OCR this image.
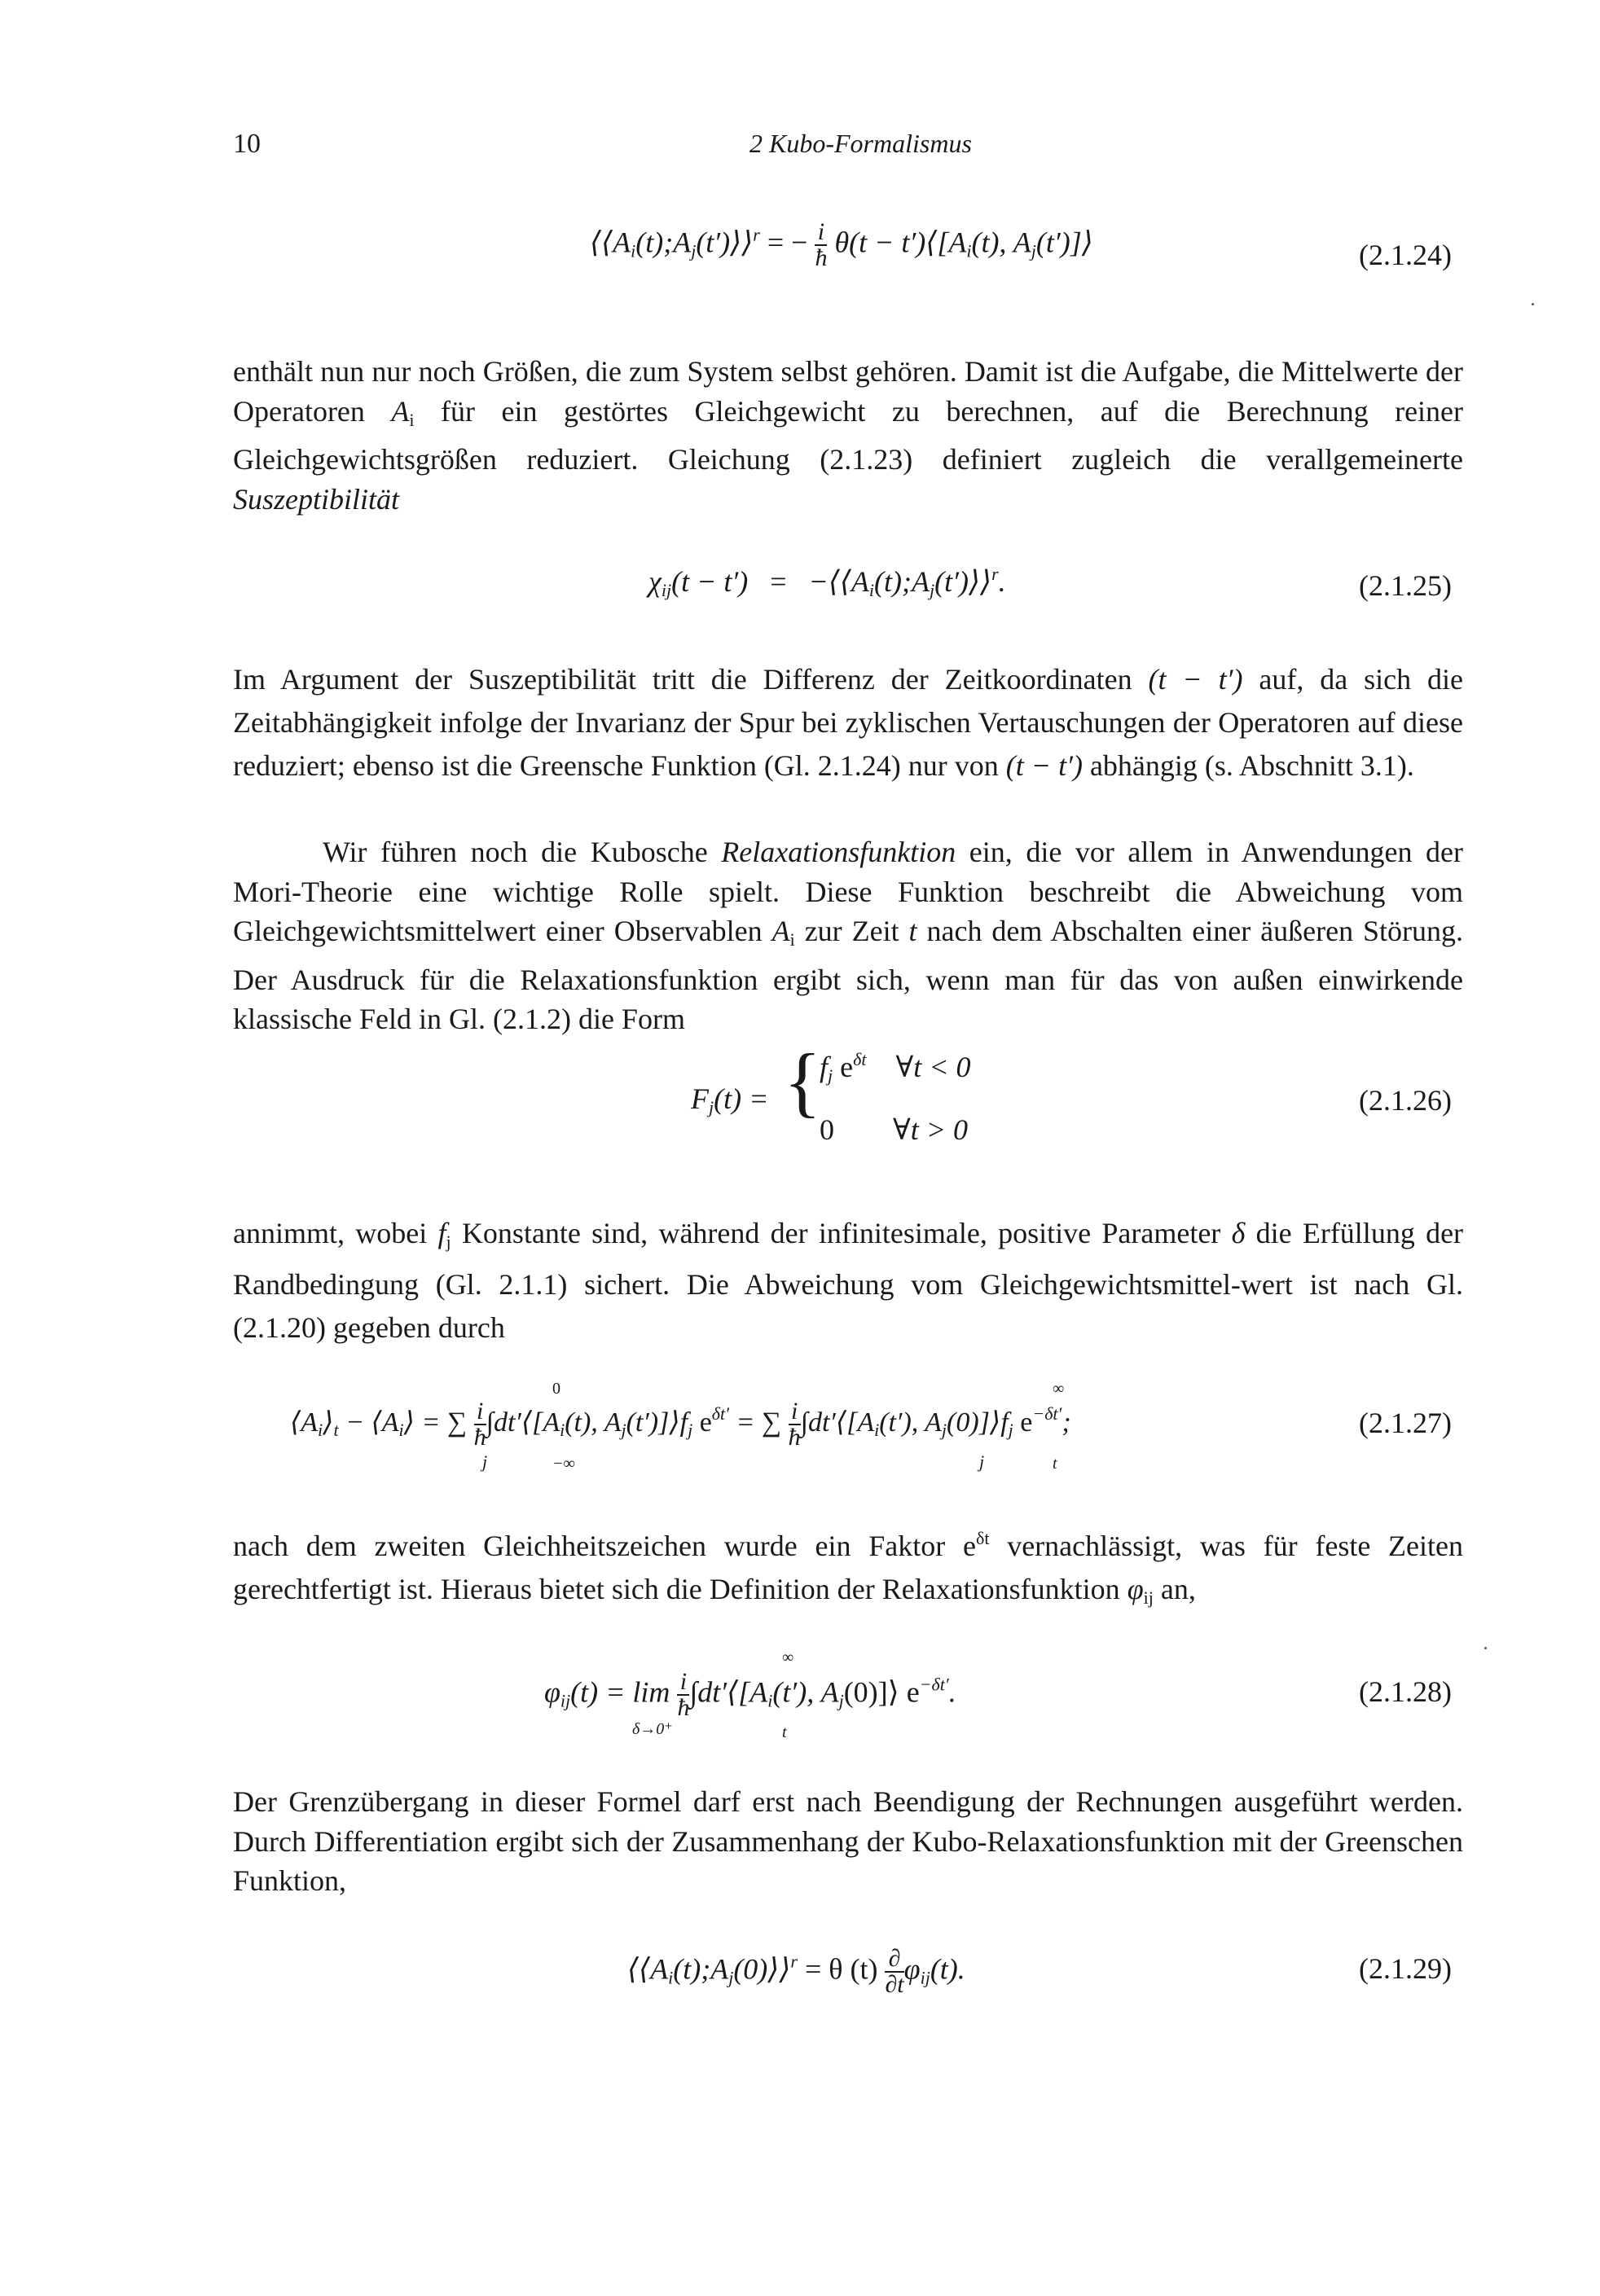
10	2 Kubo-Formalismus
$⟨⟨A_i(t);A_j(t')⟩⟩^r$ = − $\frac{i}{ħ} \theta(t$ − $t')⟨[A_i(t)$, $A_j(t')]⟩$	(2.1.24)

enthält nun nur noch Größen, die zum System selbst gehören. Damit ist die Aufgabe, die Mittelwerte der Operatoren $A_i$ für ein gestörtes Gleichgewicht zu berechnen, auf die Berechnung reiner Gleichgewichtsgrößen reduziert. Gleichung (2.1.23) definiert zugleich die verallgemeinerte Suszeptibilität

$\chi_{ij}(t - t')$ = $-⟨⟨A_i(t);A_j(t')⟩⟩^r$.	(2.1.25)

Im Argument der Suszeptibilität tritt die Differenz der Zeitkoordinaten (t − t′) auf, da sich die Zeitabhängigkeit infolge der Invarianz der Spur bei zyklischen Vertauschungen der Operatoren auf diese reduziert; ebenso ist die Greensche Funktion (Gl. 2.1.24) nur von (t − t′) abhängig (s. Abschnitt 3.1).

Wir führen noch die Kubosche Relaxationsfunktion ein, die vor allem in Anwendungen der Mori-Theorie eine wichtige Rolle spielt. Diese Funktion beschreibt die Abweichung vom Gleichgewichtsmittelwert einer Observablen $A_i$ zur Zeit t nach dem Abschalten einer äußeren Störung. Der Ausdruck für die Relaxationsfunktion ergibt sich, wenn man für das von außen einwirkende klassische Feld in Gl. (2.1.2) die Form

$F_j(t)$ = {
$f_j$ $e^{\delta t}$ ∀t < 0
0 ∀t > 0
(2.1.26)

annimmt, wobei $f_j$ Konstante sind, während der infinitesimale, positive Parameter δ die Erfüllung der Randbedingung (Gl. 2.1.1) sichert. Die Abweichung vom Gleichgewichtsmittel-wert ist nach Gl. (2.1.20) gegeben durch

$⟨A_i⟩_t$ − $⟨A_i⟩$ = ∑ $\frac{i}{ħ}$ $\int dt'⟨[A_i(t)$, $A_j(t')]⟩f_j$ $e^{\delta t'}$ = ∑ $\frac{i}{ħ}$ $\int dt'⟨[A_i(t')$, $A_j(0)]⟩f_j$ $e^{-\delta t'}$;
0
−∞
j
∞
t
j
(2.1.27)

nach dem zweiten Gleichheitszeichen wurde ein Faktor $e^{\delta t}$ vernachlässigt, was für feste Zeiten gerechtfertigt ist. Hieraus bietet sich die Definition der Relaxationsfunktion $\varphi_{ij}$ an,

$\varphi_{ij}(t) = \lim \frac{i}{ħ}$ $\int dt'⟨[A_i(t')$, $A_j(0)]⟩$ $e^{-\delta t'}$.
δ→0⁺
∞
t
(2.1.28)

Der Grenzübergang in dieser Formel darf erst nach Beendigung der Rechnungen ausgeführt werden. Durch Differentiation ergibt sich der Zusammenhang der Kubo-Relaxationsfunktion mit der Greenschen Funktion,

$⟨⟨A_i(t);A_j(0)⟩⟩^r = \theta$ $(t) \frac{\partial}{\partial t} \varphi_{ij}(t)$.	(2.1.29)
